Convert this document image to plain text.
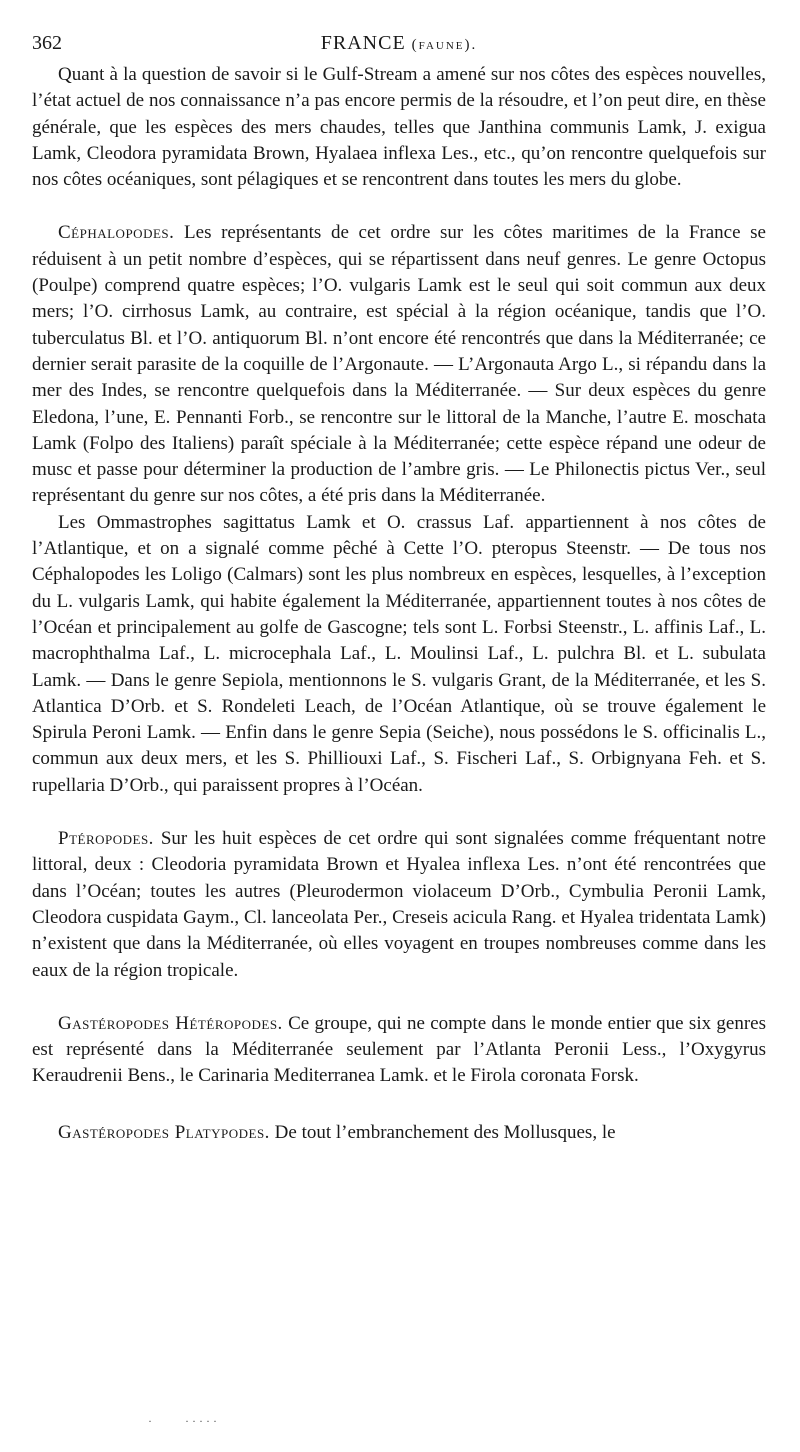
362	FRANCE (faune).

Quant à la question de savoir si le Gulf-Stream a amené sur nos côtes des espèces nouvelles, l’état actuel de nos connaissance n’a pas encore permis de la résoudre, et l’on peut dire, en thèse générale, que les espèces des mers chaudes, telles que Janthina communis Lamk, J. exigua Lamk, Cleodora pyramidata Brown, Hyalaea inflexa Les., etc., qu’on rencontre quelquefois sur nos côtes océaniques, sont pélagiques et se rencontrent dans toutes les mers du globe.

Céphalopodes. Les représentants de cet ordre sur les côtes maritimes de la France se réduisent à un petit nombre d’espèces, qui se répartissent dans neuf genres. Le genre Octopus (Poulpe) comprend quatre espèces; l’O. vulgaris Lamk est le seul qui soit commun aux deux mers; l’O. cirrhosus Lamk, au contraire, est spécial à la région océanique, tandis que l’O. tuberculatus Bl. et l’O. antiquorum Bl. n’ont encore été rencontrés que dans la Méditerranée; ce dernier serait parasite de la coquille de l’Argonaute. — L’Argonauta Argo L., si répandu dans la mer des Indes, se rencontre quelquefois dans la Méditerranée. — Sur deux espèces du genre Eledona, l’une, E. Pennanti Forb., se rencontre sur le littoral de la Manche, l’autre E. moschata Lamk (Folpo des Italiens) paraît spéciale à la Méditerranée; cette espèce répand une odeur de musc et passe pour déterminer la production de l’ambre gris. — Le Philonectis pictus Ver., seul représentant du genre sur nos côtes, a été pris dans la Méditerranée.

Les Ommastrophes sagittatus Lamk et O. crassus Laf. appartiennent à nos côtes de l’Atlantique, et on a signalé comme pêché à Cette l’O. pteropus Steenstr. — De tous nos Céphalopodes les Loligo (Calmars) sont les plus nombreux en espèces, lesquelles, à l’exception du L. vulgaris Lamk, qui habite également la Méditerranée, appartiennent toutes à nos côtes de l’Océan et principalement au golfe de Gascogne; tels sont L. Forbsi Steenstr., L. affinis Laf., L. macrophthalma Laf., L. microcephala Laf., L. Moulinsi Laf., L. pulchra Bl. et L. subulata Lamk. — Dans le genre Sepiola, mentionnons le S. vulgaris Grant, de la Méditerranée, et les S. Atlantica D’Orb. et S. Rondeleti Leach, de l’Océan Atlantique, où se trouve également le Spirula Peroni Lamk. — Enfin dans le genre Sepia (Seiche), nous possédons le S. officinalis L., commun aux deux mers, et les S. Philliouxi Laf., S. Fischeri Laf., S. Orbignyana Feh. et S. rupellaria D’Orb., qui paraissent propres à l’Océan.

Ptéropodes. Sur les huit espèces de cet ordre qui sont signalées comme fréquentant notre littoral, deux : Cleodoria pyramidata Brown et Hyalea inflexa Les. n’ont été rencontrées que dans l’Océan; toutes les autres (Pleurodermon violaceum D’Orb., Cymbulia Peronii Lamk, Cleodora cuspidata Gaym., Cl. lanceolata Per., Creseis acicula Rang. et Hyalea tridentata Lamk) n’existent que dans la Méditerranée, où elles voyagent en troupes nombreuses comme dans les eaux de la région tropicale.

Gastéropodes Hétéropodes. Ce groupe, qui ne compte dans le monde entier que six genres est représenté dans la Méditerranée seulement par l’Atlanta Peronii Less., l’Oxygyrus Keraudrenii Bens., le Carinaria Mediterranea Lamk. et le Firola coronata Forsk.

Gastéropodes Platypodes. De tout l’embranchement des Mollusques, le

·     ·····
